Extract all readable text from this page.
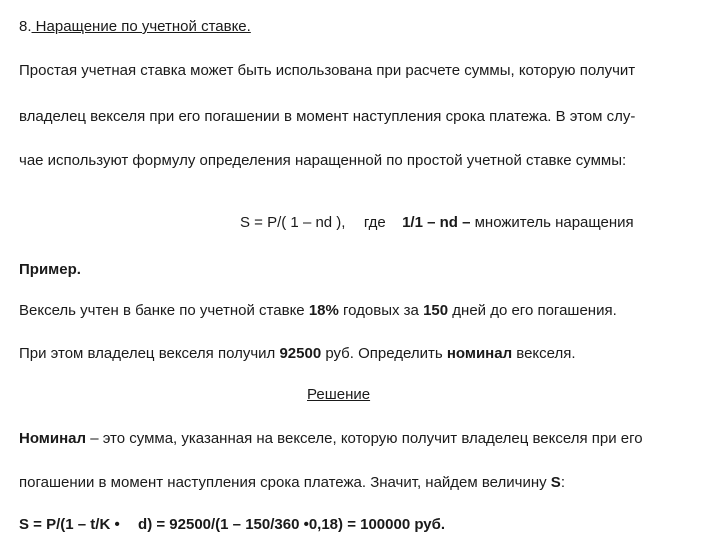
8. Наращение по учетной ставке.
Простая учетная ставка может быть использована при расчете суммы, которую получит
владелец векселя при его погашении в момент наступления срока платежа. В этом слу-
чае используют формулу определения наращенной по простой учетной ставке суммы:
S = P/( 1 – nd ), где 1/1 – nd – множитель наращения
Пример.
Вексель учтен в банке по учетной ставке 18% годовых за 150 дней до его погашения.
При этом владелец векселя получил 92500 руб. Определить номинал векселя.
Решение
Номинал – это сумма, указанная на векселе, которую получит владелец векселя при его
погашении в момент наступления срока платежа. Значит, найдем величину S:
S = P/(1 – t/K • d) = 92500/(1 – 150/360 •0,18) = 100000 руб.
